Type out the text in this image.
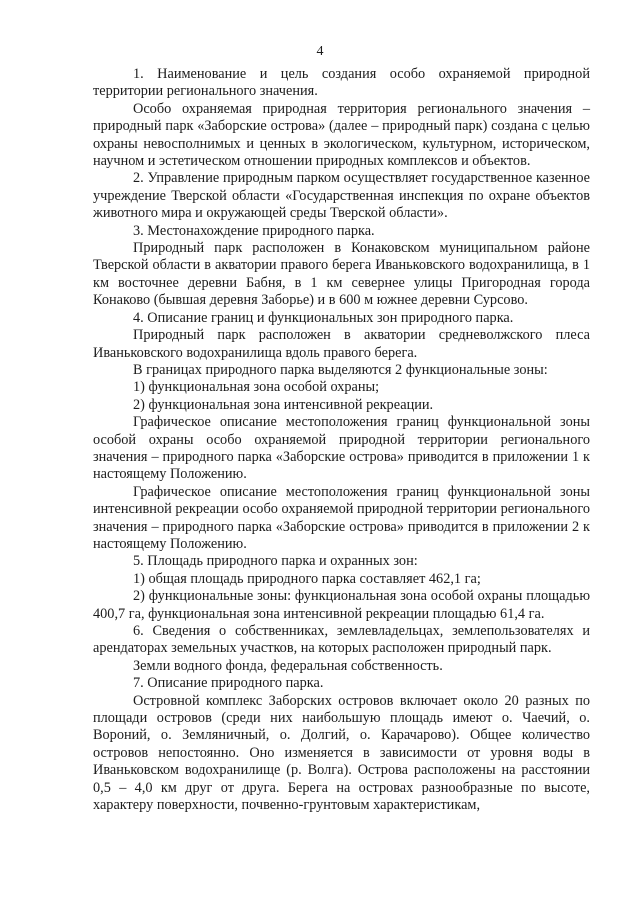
4

1. Наименование и цель создания особо охраняемой природной территории регионального значения.

Особо охраняемая природная территория регионального значения – природный парк «Заборские острова» (далее – природный парк) создана с целью охраны невосполнимых и ценных в экологическом, культурном, историческом, научном и эстетическом отношении природных комплексов и объектов.

2. Управление природным парком осуществляет государственное казенное учреждение Тверской области «Государственная инспекция по охране объектов животного мира и окружающей среды Тверской области».

3. Местонахождение природного парка.

Природный парк расположен в Конаковском муниципальном районе Тверской области в акватории правого берега Иваньковского водохранилища, в 1 км восточнее деревни Бабня, в 1 км севернее улицы Пригородная города Конаково (бывшая деревня Заборье) и в 600 м южнее деревни Сурсово.

4. Описание границ и функциональных зон природного парка.

Природный парк расположен в акватории средневолжского плеса Иваньковского водохранилища вдоль правого берега.

В границах природного парка выделяются 2 функциональные зоны:

1) функциональная зона особой охраны;

2) функциональная зона интенсивной рекреации.

Графическое описание местоположения границ функциональной зоны особой охраны особо охраняемой природной территории регионального значения – природного парка «Заборские острова» приводится в приложении 1 к настоящему Положению.

Графическое описание местоположения границ функциональной зоны интенсивной рекреации особо охраняемой природной территории регионального значения – природного парка «Заборские острова» приводится в приложении 2 к настоящему Положению.

5. Площадь природного парка и охранных зон:

1) общая площадь природного парка составляет 462,1 га;

2) функциональные зоны: функциональная зона особой охраны площадью 400,7 га, функциональная зона интенсивной рекреации площадью 61,4 га.

6. Сведения о собственниках, землевладельцах, землепользователях и арендаторах земельных участков, на которых расположен природный парк.

Земли водного фонда, федеральная собственность.

7. Описание природного парка.

Островной комплекс Заборских островов включает около 20 разных по площади островов (среди них наибольшую площадь имеют о. Чаечий, о. Вороний, о. Земляничный, о. Долгий, о. Карачарово). Общее количество островов непостоянно. Оно изменяется в зависимости от уровня воды в Иваньковском водохранилище (р. Волга). Острова расположены на расстоянии 0,5 – 4,0 км друг от друга. Берега на островах разнообразные по высоте, характеру поверхности, почвенно-грунтовым характеристикам,
